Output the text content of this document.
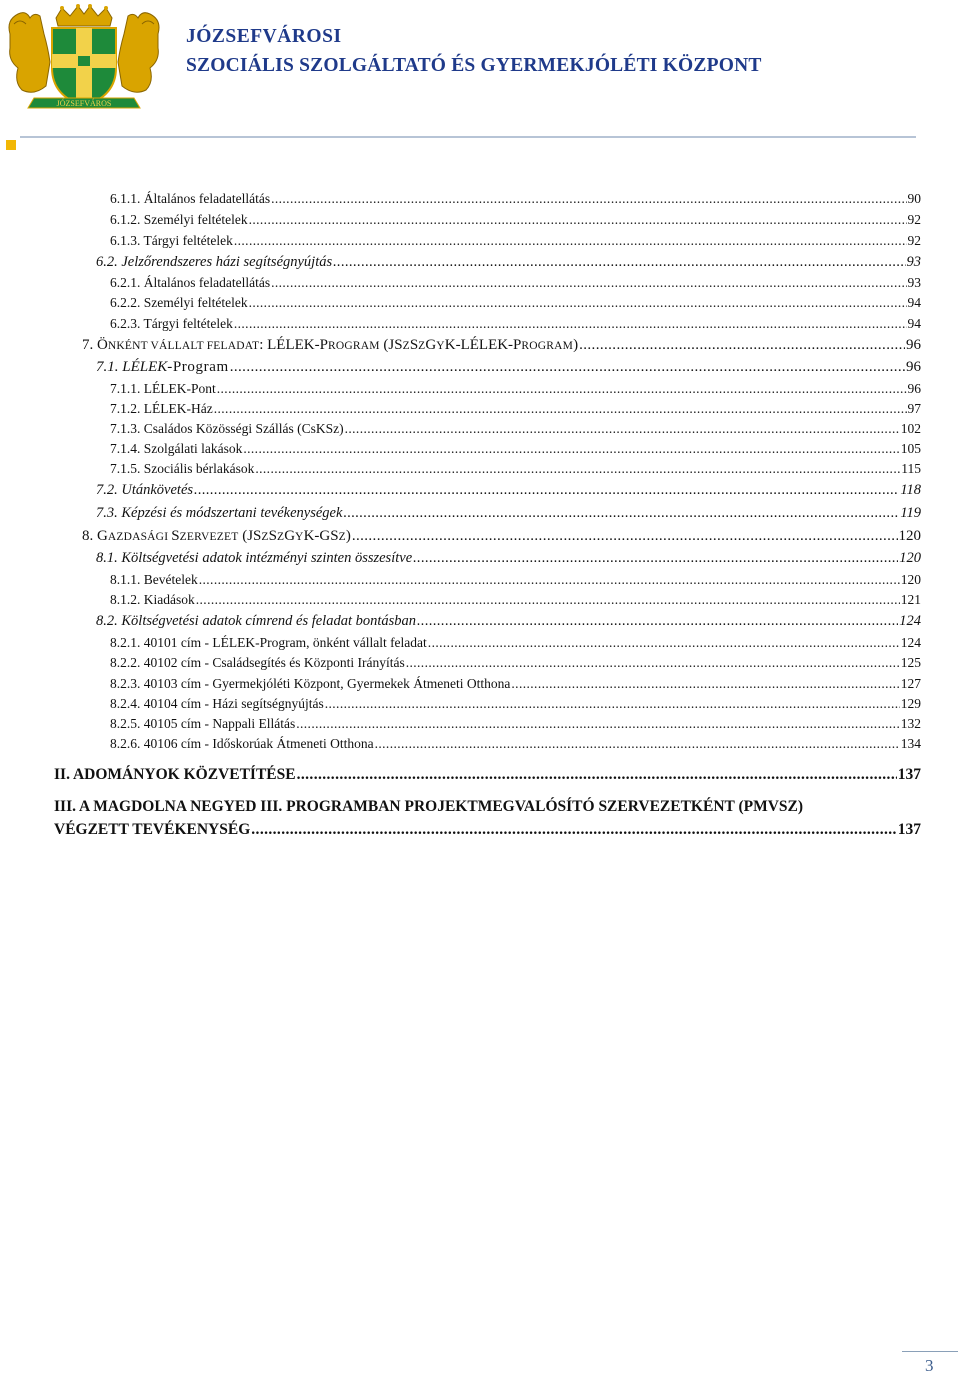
JÓZSEFVÁROS
JÓZSEFVÁROSI
SZOCIÁLIS SZOLGÁLTATÓ ÉS GYERMEKJÓLÉTI KÖZPONT
6.1.1. Általános feladatellátás .....	90
6.1.2. Személyi feltételek .....	92
6.1.3. Tárgyi feltételek .....	92
6.2. Jelzőrendszeres házi segítségnyújtás .....	93
6.2.1. Általános feladatellátás .....	93
6.2.2. Személyi feltételek .....	94
6.2.3. Tárgyi feltételek .....	94
7. ÖNKÉNT VÁLLALT FELADAT: LÉLEK-PROGRAM (JSZSZGYK-LÉLEK-PROGRAM) .....	96
7.1. LÉLEK-Program .....	96
7.1.1. LÉLEK-Pont .....	96
7.1.2. LÉLEK-Ház .....	97
7.1.3. Családos Közösségi Szállás (CsKSz) .....	102
7.1.4. Szolgálati lakások .....	105
7.1.5. Szociális bérlakások .....	115
7.2. Utánkövetés .....	118
7.3. Képzési és módszertani tevékenységek .....	119
8. GAZDASÁGI SZERVEZET (JSZSZGYK-GSZ) .....	120
8.1. Költségvetési adatok intézményi szinten összesítve .....	120
8.1.1. Bevételek .....	120
8.1.2. Kiadások .....	121
8.2. Költségvetési adatok címrend és feladat bontásban .....	124
8.2.1. 40101 cím - LÉLEK-Program, önként vállalt feladat .....	124
8.2.2. 40102 cím - Családsegítés és Központi Irányítás .....	125
8.2.3. 40103 cím - Gyermekjóléti Központ, Gyermekek Átmeneti Otthona .....	127
8.2.4. 40104 cím - Házi segítségnyújtás .....	129
8.2.5. 40105 cím - Nappali Ellátás .....	132
8.2.6. 40106 cím - Időskorúak Átmeneti Otthona .....	134
II. ADOMÁNYOK KÖZVETÍTÉSE .....	137
III. A MAGDOLNA NEGYED III. PROGRAMBAN PROJEKTMEGVALÓSÍTÓ SZERVEZETKÉNT (PMVSZ)
VÉGZETT TEVÉKENYSÉG .....	137
3
